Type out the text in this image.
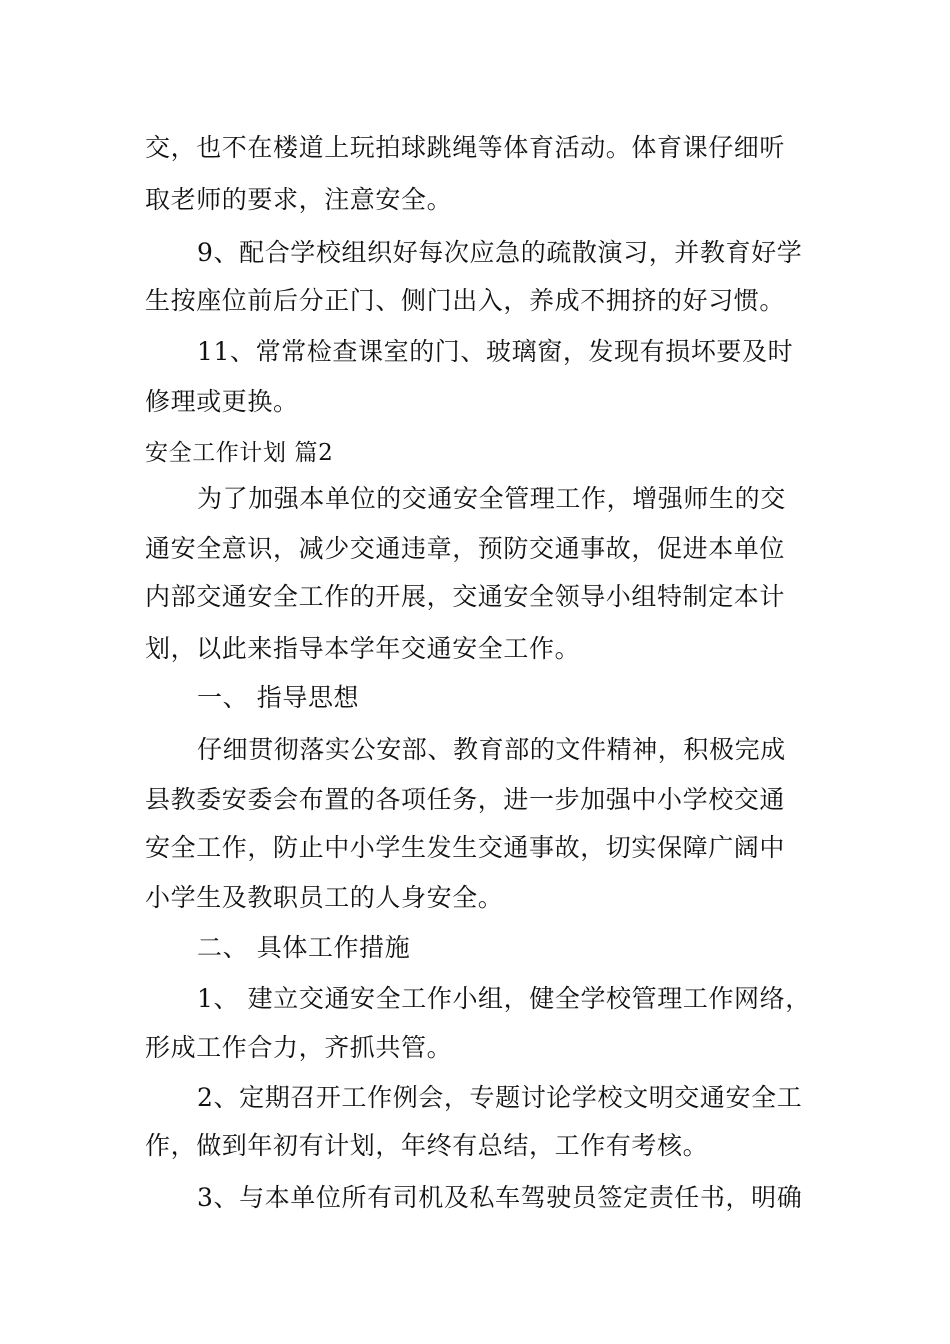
交，也不在楼道上玩拍球跳绳等体育活动。体育课仔细听
取老师的要求，注意安全。
9、配合学校组织好每次应急的疏散演习，并教育好学
生按座位前后分正门、侧门出入，养成不拥挤的好习惯。
11、常常检查课室的门、玻璃窗，发现有损坏要及时
修理或更换。
安全工作计划 篇2
为了加强本单位的交通安全管理工作，增强师生的交
通安全意识，减少交通违章，预防交通事故，促进本单位
内部交通安全工作的开展，交通安全领导小组特制定本计
划，以此来指导本学年交通安全工作。
一、 指导思想
仔细贯彻落实公安部、教育部的文件精神，积极完成
县教委安委会布置的各项任务，进一步加强中小学校交通
安全工作，防止中小学生发生交通事故，切实保障广阔中
小学生及教职员工的人身安全。
二、 具体工作措施
1、 建立交通安全工作小组，健全学校管理工作网络，
形成工作合力，齐抓共管。
2、定期召开工作例会，专题讨论学校文明交通安全工
作，做到年初有计划，年终有总结，工作有考核。
3、与本单位所有司机及私车驾驶员签定责任书，明确
